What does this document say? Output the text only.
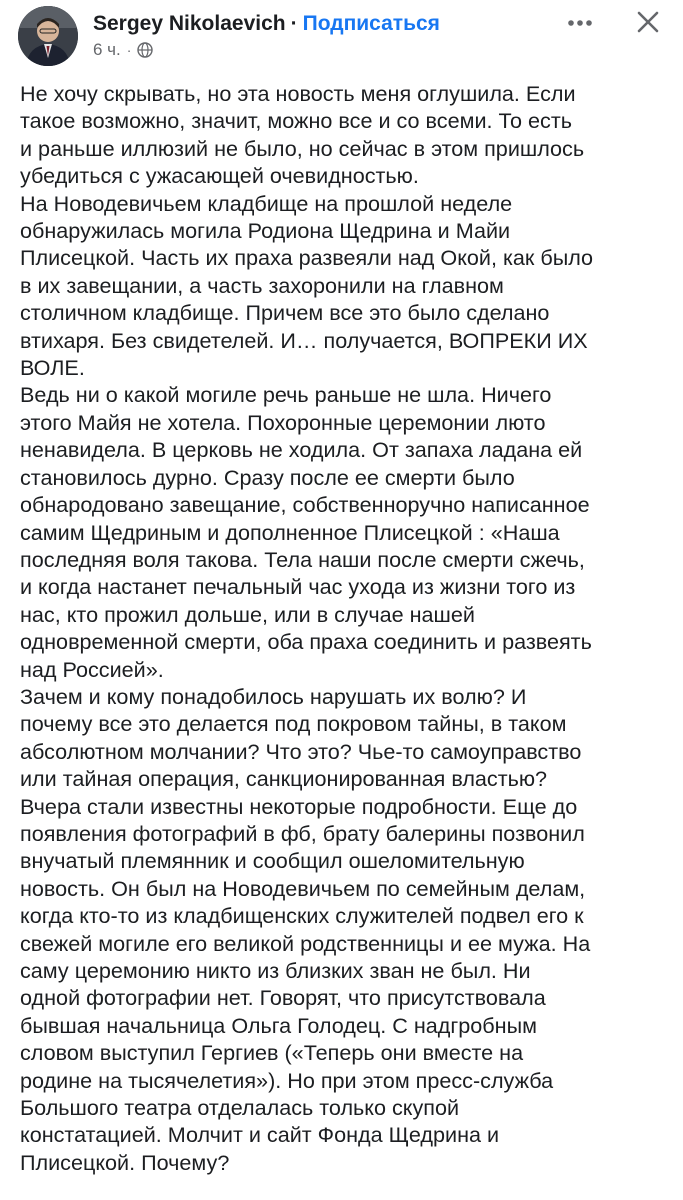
Sergey Nikolaevich · Подписаться
6 ч. ·

Не хочу скрывать, но эта новость меня оглушила. Если

такое возможно, значит, можно все и со всеми. То есть

и раньше иллюзий не было, но сейчас в этом пришлось

убедиться с ужасающей очевидностью.

На Новодевичьем кладбище на прошлой неделе

обнаружилась могила Родиона Щедрина и Майи

Плисецкой. Часть их праха развеяли над Окой, как было

в их завещании, а часть захоронили на главном

столичном кладбище. Причем все это было сделано

втихаря. Без свидетелей. И… получается, ВОПРЕКИ ИХ

ВОЛЕ.

Ведь ни о какой могиле речь раньше не шла. Ничего

этого Майя не хотела. Похоронные церемонии люто

ненавидела. В церковь не ходила. От запаха ладана ей

становилось дурно. Сразу после ее смерти было

обнародовано завещание, собственноручно написанное

самим Щедриным и дополненное Плисецкой : «Наша

последняя воля такова. Тела наши после смерти сжечь,

и когда настанет печальный час ухода из жизни того из

нас, кто прожил дольше, или в случае нашей

одновременной смерти, оба праха соединить и развеять

над Россией».

Зачем и кому понадобилось нарушать их волю? И

почему все это делается под покровом тайны, в таком

абсолютном молчании? Что это? Чье-то самоуправство

или тайная операция, санкционированная властью?

Вчера стали известны некоторые подробности. Еще до

появления фотографий в фб, брату балерины позвонил

внучатый племянник и сообщил ошеломительную

новость. Он был на Новодевичьем по семейным делам,

когда кто-то из кладбищенских служителей подвел его к

свежей могиле его великой родственницы и ее мужа. На

саму церемонию никто из близких зван не был. Ни

одной фотографии нет. Говорят, что присутствовала

бывшая начальница Ольга Голодец. С надгробным

словом выступил Гергиев («Теперь они вместе на

родине на тысячелетия»). Но при этом пресс-служба

Большого театра отделалась только скупой

констатацией. Молчит и сайт Фонда Щедрина и

Плисецкой. Почему?
